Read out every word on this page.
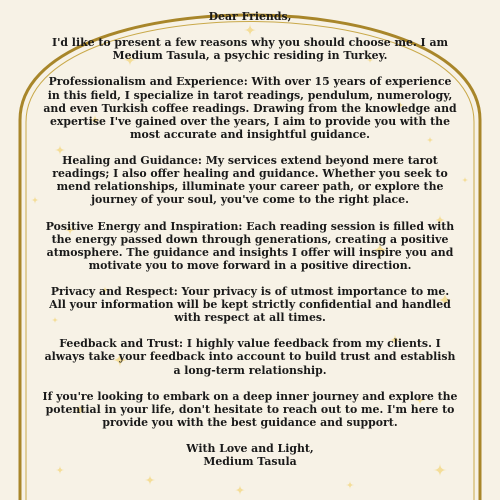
Dear Friends,

I'd like to present a few reasons why you should choose me. I am Medium Tasula, a psychic residing in Turkey.

Professionalism and Experience: With over 15 years of experience in this field, I specialize in tarot readings, pendulum, numerology, and even Turkish coffee readings. Drawing from the knowledge and expertise I've gained over the years, I aim to provide you with the most accurate and insightful guidance.

Healing and Guidance: My services extend beyond mere tarot readings; I also offer healing and guidance. Whether you seek to mend relationships, illuminate your career path, or explore the journey of your soul, you've come to the right place.

Positive Energy and Inspiration: Each reading session is filled with the energy passed down through generations, creating a positive atmosphere. The guidance and insights I offer will inspire you and motivate you to move forward in a positive direction.

Privacy and Respect: Your privacy is of utmost importance to me. All your information will be kept strictly confidential and handled with respect at all times.

Feedback and Trust: I highly value feedback from my clients. I always take your feedback into account to build trust and establish a long-term relationship.

If you're looking to embark on a deep inner journey and explore the potential in your life, don't hesitate to reach out to me. I'm here to provide you with the best guidance and support.

With Love and Light,

Medium Tasula
